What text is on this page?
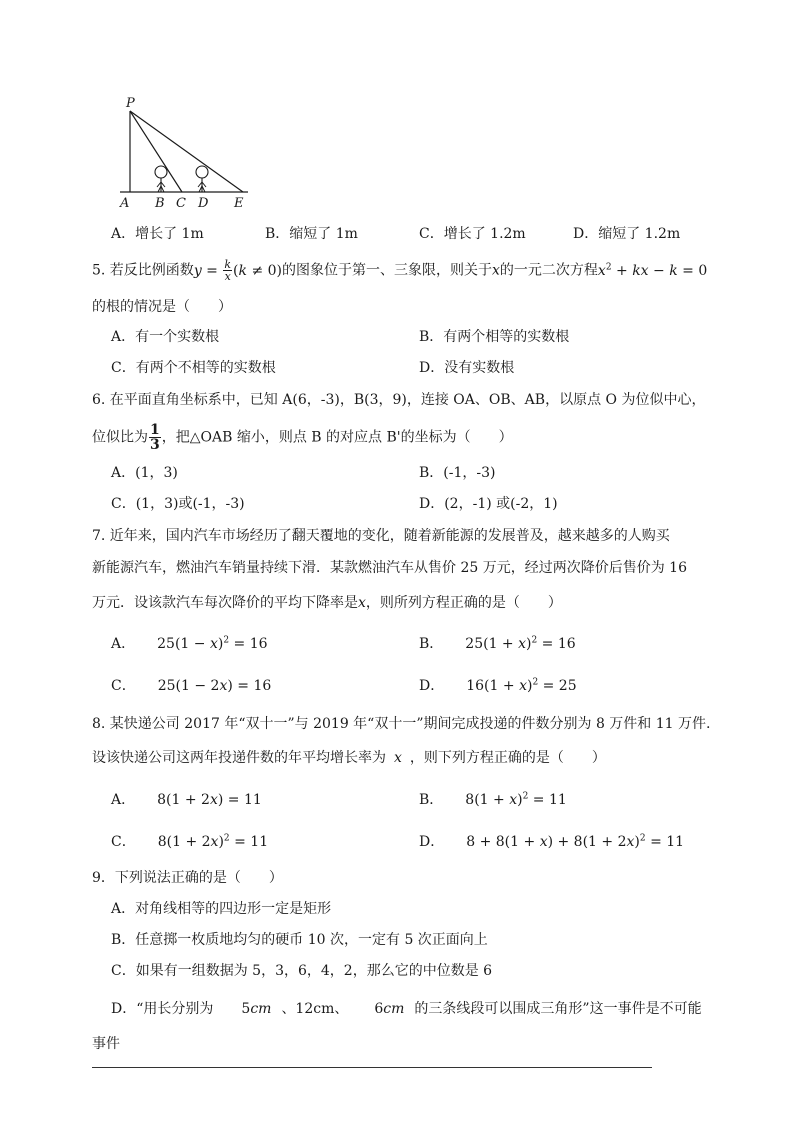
P
A B C D E
A．增长了 1m	B．缩短了 1m	C．增长了 1.2m	D．缩短了 1.2m
5. 若反比例函数$y = \frac{k}{x} (k \ne 0)$的图象位于第一、三象限，则关于x的一元二次方程$x^2$ + kx − k = 0
的根的情况是（　　）
A．有一个实数根	B．有两个相等的实数根
C．有两个不相等的实数根	D．没有实数根
6. 在平面直角坐标系中，已知 A(6，-3)，B(3，9)，连接 OA、OB、AB，以原点 O 为位似中心，
位似比为 $\frac{1}{3}$ ，把△OAB 缩小，则点 B 的对应点 B'的坐标为（　　）
A．(1，3)	B．(-1，-3)
C．(1，3)或(-1，-3)	D．(2，-1) 或(-2，1)
7. 近年来，国内汽车市场经历了翻天覆地的变化，随着新能源的发展普及，越来越多的人购买
新能源汽车，燃油汽车销量持续下滑．某款燃油汽车从售价 25 万元，经过两次降价后售价为 16
万元．设该款汽车每次降价的平均下降率是x，则所列方程正确的是（　　）
A． $25(1 - x)^2 = 16$	B． $25(1 + x)^2 = 16$
C． 25(1 − 2x) = 16	D． $16(1 + x)^2 = 25$
8. 某快递公司 2017 年“双十一”与 2019 年“双十一”期间完成投递的件数分别为 8 万件和 11 万件.
设该快递公司这两年投递件数的年平均增长率为 x ，则下列方程正确的是（　　）
A． 8(1 + 2x) = 11	B． $8(1 + x)^2 = 11$
C． $8(1 + 2x)^2 = 11$	D． $8 + 8(1 + x) + 8(1 + 2x)^2 = 11$
9．下列说法正确的是（　　）
A．对角线相等的四边形一定是矩形
B．任意掷一枚质地均匀的硬币 10 次，一定有 5 次正面向上
C．如果有一组数据为 5，3，6，4，2，那么它的中位数是 6
D．“用长分别为 5cm 、12cm、 6cm 的三条线段可以围成三角形”这一事件是不可能
事件
